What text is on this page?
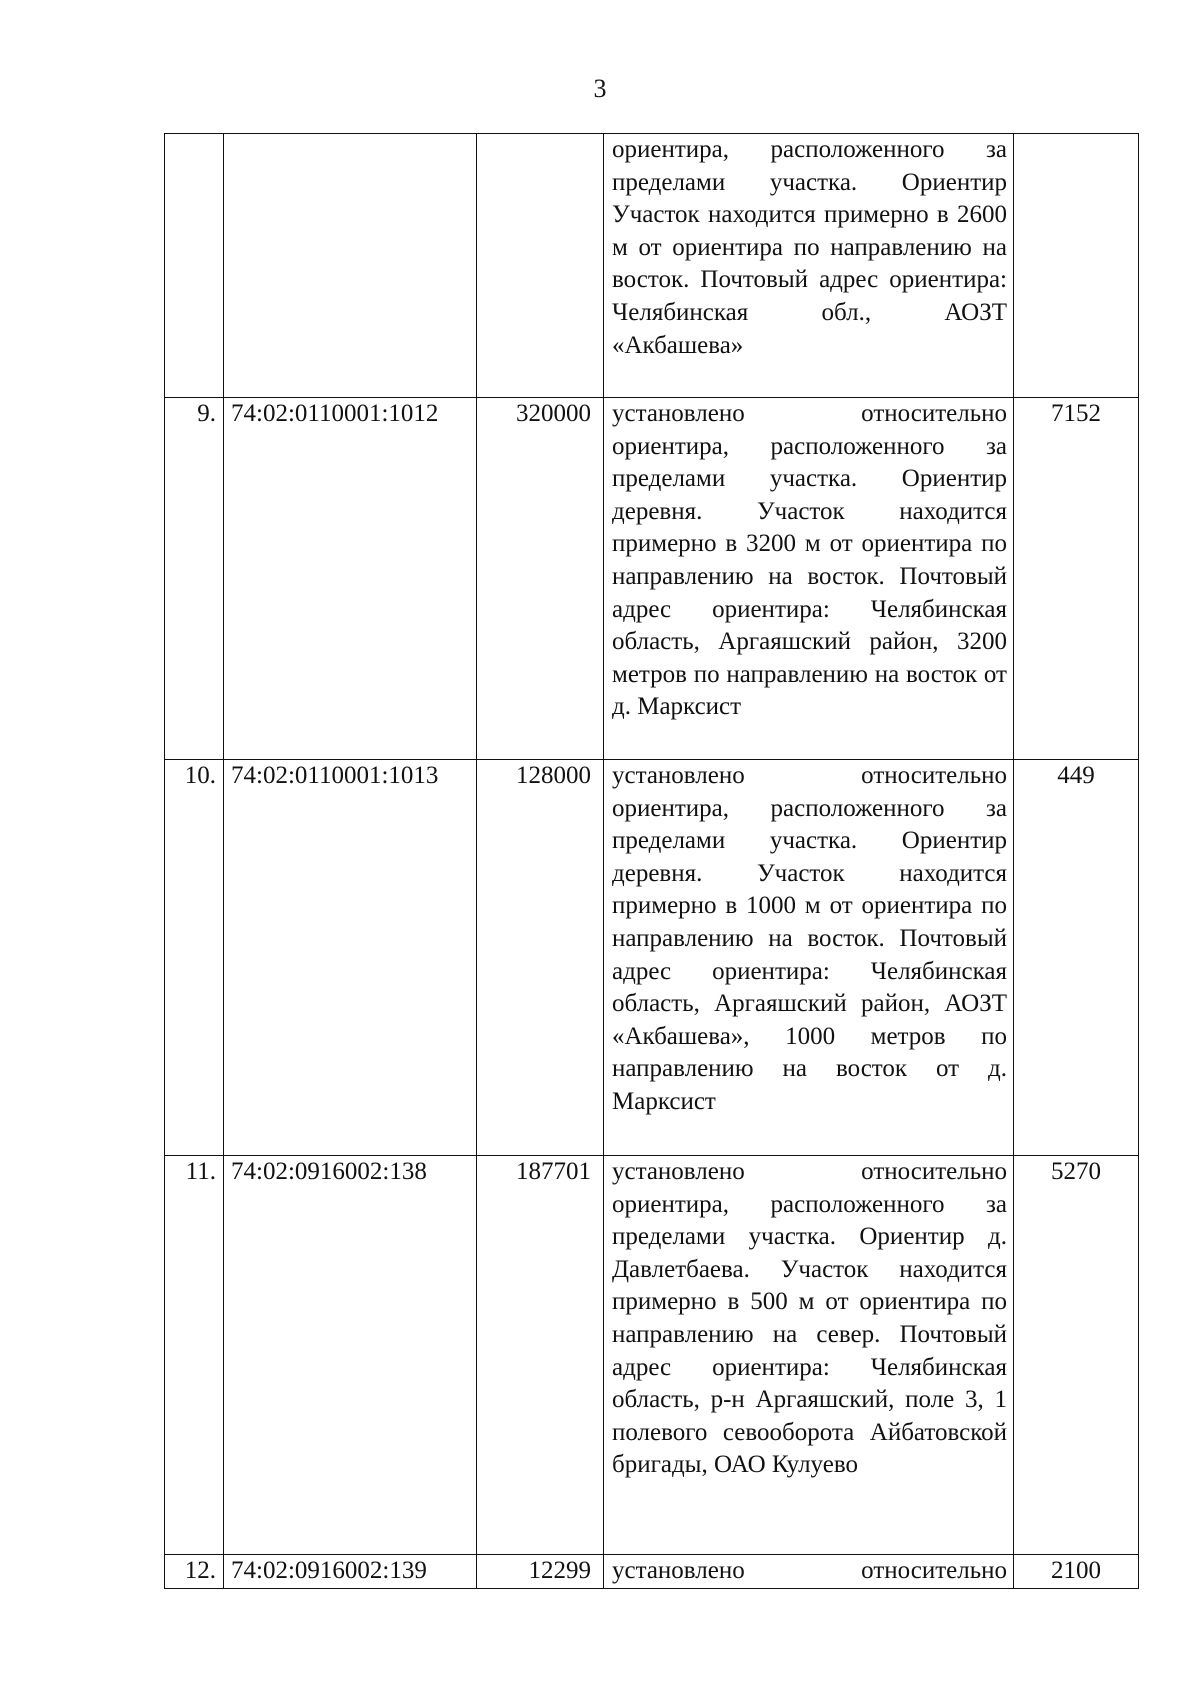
3
			ориентира, расположенного за пределами участка. Ориентир Участок находится примерно в 2600 м от ориентира по направлению на восток. Почтовый адрес ориентира: Челябинская обл., АОЗТ «Акбашева»	
9.	74:02:0110001:1012	320000	установлено относительно ориентира, расположенного за пределами участка. Ориентир деревня. Участок находится примерно в 3200 м от ориентира по направлению на восток. Почтовый адрес ориентира: Челябинская область, Аргаяшский район, 3200 метров по направлению на восток от д. Марксист	7152
10.	74:02:0110001:1013	128000	установлено относительно ориентира, расположенного за пределами участка. Ориентир деревня. Участок находится примерно в 1000 м от ориентира по направлению на восток. Почтовый адрес ориентира: Челябинская область, Аргаяшский район, АОЗТ «Акбашева», 1000 метров по направлению на восток от д. Марксист	449
11.	74:02:0916002:138	187701	установлено относительно ориентира, расположенного за пределами участка. Ориентир д. Давлетбаева. Участок находится примерно в 500 м от ориентира по направлению на север. Почтовый адрес ориентира: Челябинская область, р-н Аргаяшский, поле 3, 1 полевого севооборота Айбатовской бригады, ОАО Кулуево	5270
12.	74:02:0916002:139	12299	установлено относительно	2100
